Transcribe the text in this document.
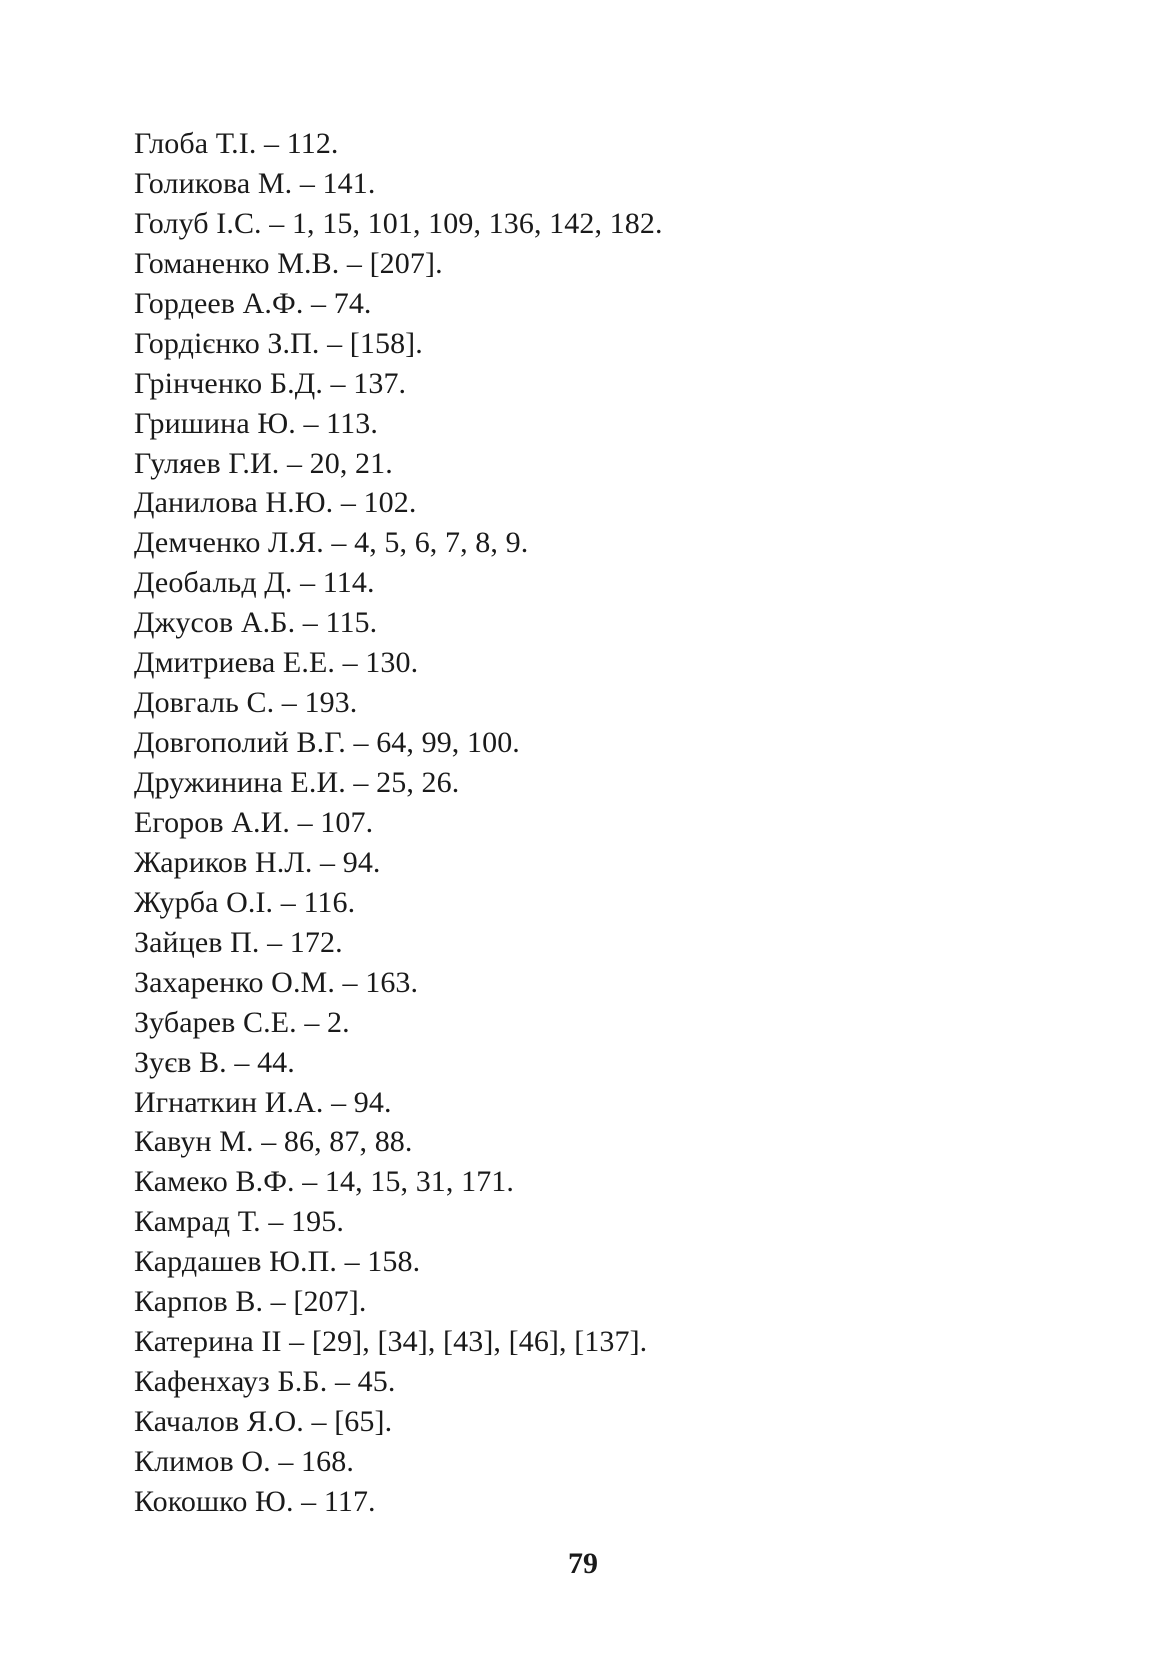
Глоба Т.І. – 112.
Голикова М. – 141.
Голуб І.С. – 1, 15, 101, 109, 136, 142, 182.
Гоманенко М.В. – [207].
Гордеев А.Ф. – 74.
Гордієнко З.П. – [158].
Грінченко Б.Д. – 137.
Гришина Ю. – 113.
Гуляев Г.И. – 20, 21.
Данилова Н.Ю. – 102.
Демченко Л.Я. – 4, 5, 6, 7, 8, 9.
Деобальд Д. – 114.
Джусов А.Б. – 115.
Дмитриева Е.Е. – 130.
Довгаль С. – 193.
Довгополий В.Г. – 64, 99, 100.
Дружинина Е.И. – 25, 26.
Егоров А.И. – 107.
Жариков Н.Л. – 94.
Журба О.І. – 116.
Зайцев П. – 172.
Захаренко О.М. – 163.
Зубарев С.Е. – 2.
Зуєв В. – 44.
Игнаткин И.А. – 94.
Кавун М. – 86, 87, 88.
Камеко В.Ф. – 14, 15, 31, 171.
Камрад Т. – 195.
Кардашев Ю.П. – 158.
Карпов В. – [207].
Катерина ІІ – [29], [34], [43], [46], [137].
Кафенхауз Б.Б. – 45.
Качалов Я.О. – [65].
Климов О. – 168.
Кокошко Ю. – 117.
79
